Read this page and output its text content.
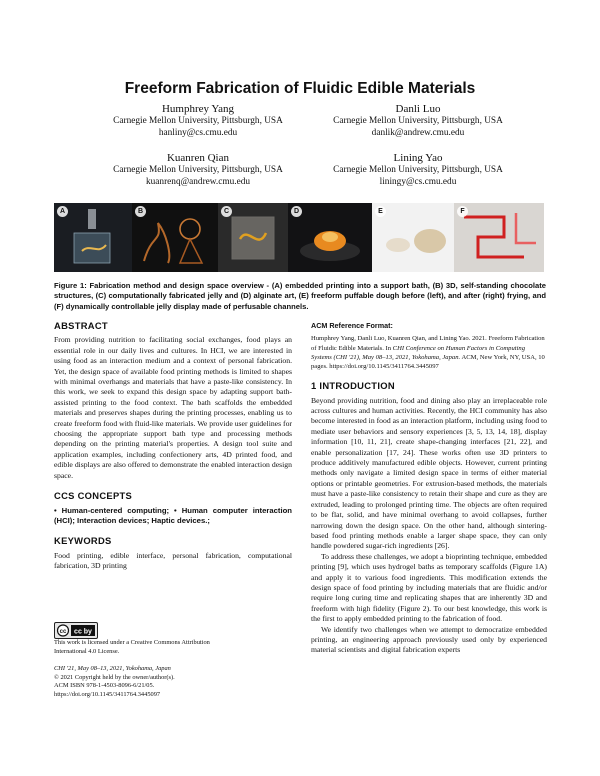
Freeform Fabrication of Fluidic Edible Materials
Humphrey Yang
Carnegie Mellon University, Pittsburgh, USA
hanliny@cs.cmu.edu
Danli Luo
Carnegie Mellon University, Pittsburgh, USA
danlik@andrew.cmu.edu
Kuanren Qian
Carnegie Mellon University, Pittsburgh, USA
kuanrenq@andrew.cmu.edu
Lining Yao
Carnegie Mellon University, Pittsburgh, USA
liningy@cs.cmu.edu
A	B	C	D	E	F
Figure 1: Fabrication method and design space overview - (A) embedded printing into a support bath, (B) 3D, self-standing chocolate structures, (C) computationally fabricated jelly and (D) alginate art, (E) freeform puffable dough before (left), and after (right) frying, and (F) dynamically controllable jelly display made of perfusable channels.

ABSTRACT

From providing nutrition to facilitating social exchanges, food plays an essential role in our daily lives and cultures. In HCI, we are interested in using food as an interaction medium and a context of personal fabrication. Yet, the design space of available food printing methods is limited to shapes with minimal overhangs and materials that have a paste-like consistency. In this work, we seek to expand this design space by adapting support bath-assisted printing to the food context. The bath scaffolds the embedded materials and preserves shapes during the printing processes, enabling us to create freeform food with fluid-like materials. We provide user guidelines for choosing the appropriate support bath type and processing methods depending on the printing material's properties. A design tool suite and application examples, including confectionery arts, 4D printed food, and edible displays are also offered to demonstrate the enabled interaction design space.

CCS CONCEPTS

• Human-centered computing; • Human computer interaction (HCI); Interaction devices; Haptic devices.;

KEYWORDS

Food printing, edible interface, personal fabrication, computational fabrication, 3D printing

cc cc by

This work is licensed under a Creative Commons Attribution International 4.0 License.

CHI '21, May 08–13, 2021, Yokohama, Japan

© 2021 Copyright held by the owner/author(s).

ACM ISBN 978-1-4503-8096-6/21/05.

https://doi.org/10.1145/3411764.3445097

ACM Reference Format:

Humphrey Yang, Danli Luo, Kuanren Qian, and Lining Yao. 2021. Freeform Fabrication of Fluidic Edible Materials. In CHI Conference on Human Factors in Computing Systems (CHI '21), May 08–13, 2021, Yokohama, Japan. ACM, New York, NY, USA, 10 pages. https://doi.org/10.1145/3411764.3445097

1 INTRODUCTION

Beyond providing nutrition, food and dining also play an irreplaceable role across cultures and human activities. Recently, the HCI community has also become interested in food as an interaction platform, including using food to mediate user behaviors and sensory experiences [3, 5, 13, 14, 18], display information [10, 11, 21], create shape-changing interfaces [21, 22], and enable personalization [17, 24]. These works often use 3D printers to produce additively manufactured edible objects. However, current printing methods only navigate a limited design space in terms of either material options or printable geometries. For extrusion-based methods, the materials must have a paste-like consistency to retain their shape and cure as they are extruded, leading to prolonged printing time. The objects are often required to be flat, solid, and have minimal overhang to avoid collapses, further narrowing down the design space. On the other hand, although sintering-based food printing methods enable a larger shape space, they can only handle powdered sugar-rich ingredients [26].

To address these challenges, we adopt a bioprinting technique, embedded printing [9], which uses hydrogel baths as temporary scaffolds (Figure 1A) and apply it to various food ingredients. This modification extends the design space of food printing by including materials that are fluidic and/or require long curing time and replicating shapes that are inherently 3D and freeform with high fidelity (Figure 2). To our best knowledge, this work is the first to apply embedded printing to the fabrication of food.

We identify two challenges when we attempt to democratize embedded printing, an engineering approach previously used only by experienced material scientists and digital fabrication experts
